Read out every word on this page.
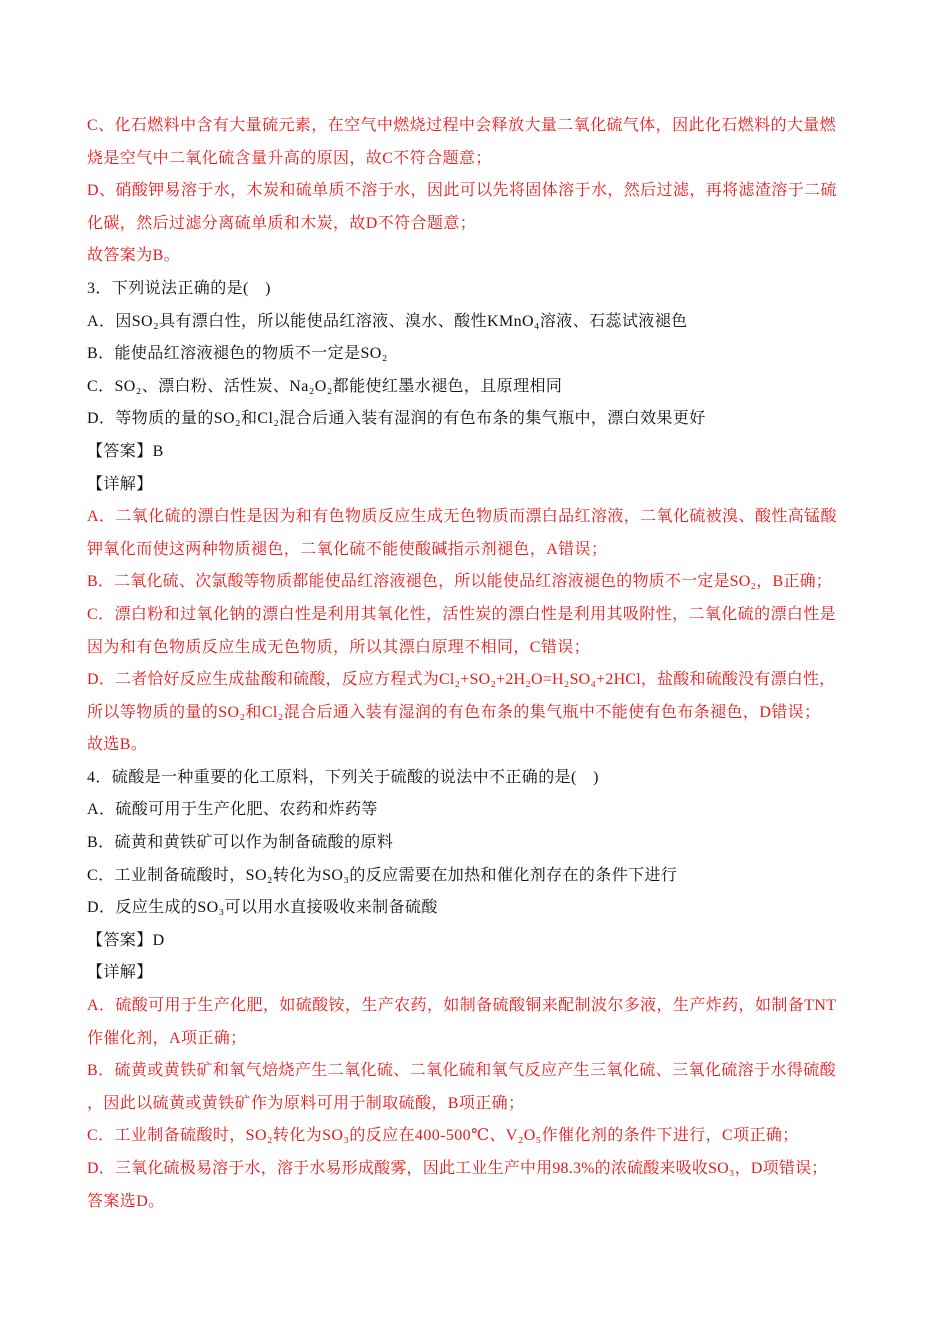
C、化石燃料中含有大量硫元素，在空气中燃烧过程中会释放大量二氧化硫气体，因此化石燃料的大量燃
烧是空气中二氧化硫含量升高的原因，故C不符合题意；
D、硝酸钾易溶于水，木炭和硫单质不溶于水，因此可以先将固体溶于水，然后过滤，再将滤渣溶于二硫
化碳，然后过滤分离硫单质和木炭，故D不符合题意；
故答案为B。
3．下列说法正确的是(　)
A．因SO₂具有漂白性，所以能使品红溶液、溴水、酸性KMnO₄溶液、石蕊试液褪色
B．能使品红溶液褪色的物质不一定是SO₂
C．SO₂、漂白粉、活性炭、Na₂O₂都能使红墨水褪色，且原理相同
D．等物质的量的SO₂和Cl₂混合后通入装有湿润的有色布条的集气瓶中，漂白效果更好
【答案】B
【详解】
A．二氧化硫的漂白性是因为和有色物质反应生成无色物质而漂白品红溶液，二氧化硫被溴、酸性高锰酸
钾氧化而使这两种物质褪色，二氧化硫不能使酸碱指示剂褪色，A错误；
B．二氧化硫、次氯酸等物质都能使品红溶液褪色，所以能使品红溶液褪色的物质不一定是SO₂，B正确；
C．漂白粉和过氧化钠的漂白性是利用其氧化性，活性炭的漂白性是利用其吸附性，二氧化硫的漂白性是
因为和有色物质反应生成无色物质，所以其漂白原理不相同，C错误；
D．二者恰好反应生成盐酸和硫酸，反应方程式为Cl₂+SO₂+2H₂O=H₂SO₄+2HCl，盐酸和硫酸没有漂白性，
所以等物质的量的SO₂和Cl₂混合后通入装有湿润的有色布条的集气瓶中不能使有色布条褪色，D错误；
故选B。
4．硫酸是一种重要的化工原料，下列关于硫酸的说法中不正确的是(　)
A．硫酸可用于生产化肥、农药和炸药等
B．硫黄和黄铁矿可以作为制备硫酸的原料
C．工业制备硫酸时，SO₂转化为SO₃的反应需要在加热和催化剂存在的条件下进行
D．反应生成的SO₃可以用水直接吸收来制备硫酸
【答案】D
【详解】
A．硫酸可用于生产化肥，如硫酸铵，生产农药，如制备硫酸铜来配制波尔多液，生产炸药，如制备TNT
作催化剂，A项正确；
B．硫黄或黄铁矿和氧气焙烧产生二氧化硫、二氧化硫和氧气反应产生三氧化硫、三氧化硫溶于水得硫酸
，因此以硫黄或黄铁矿作为原料可用于制取硫酸，B项正确；
C．工业制备硫酸时，SO₂转化为SO₃的反应在400-500℃、V₂O₅作催化剂的条件下进行，C项正确；
D．三氧化硫极易溶于水，溶于水易形成酸雾，因此工业生产中用98.3%的浓硫酸来吸收SO₃，D项错误；
答案选D。
